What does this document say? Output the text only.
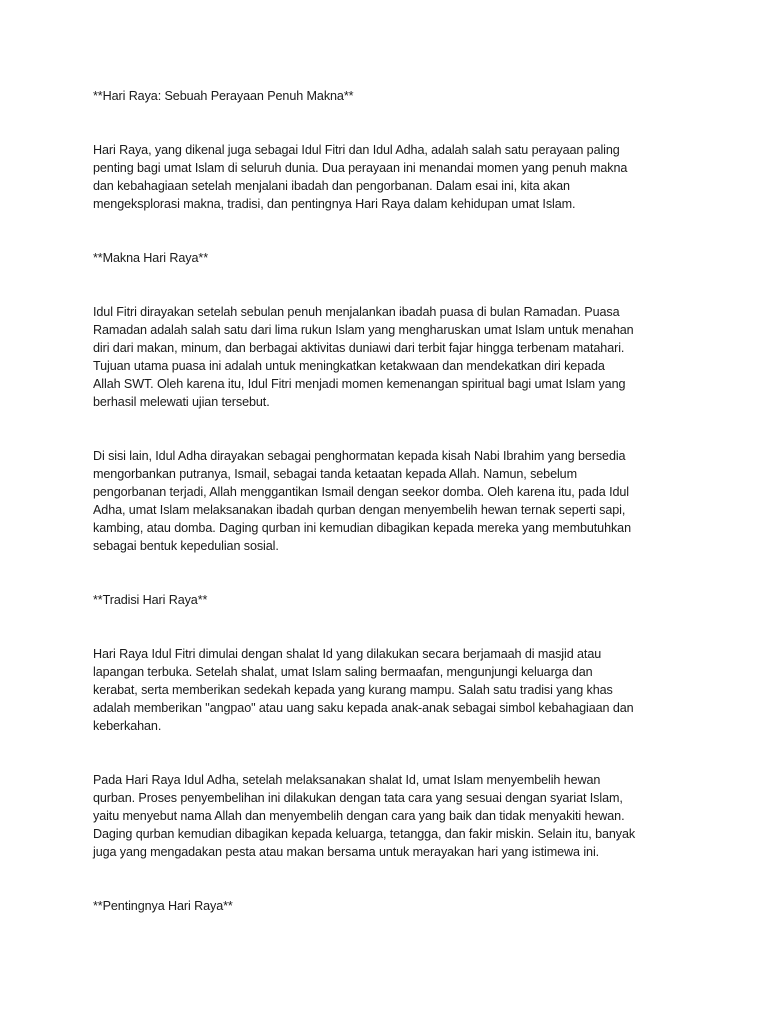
**Hari Raya: Sebuah Perayaan Penuh Makna**

Hari Raya, yang dikenal juga sebagai Idul Fitri dan Idul Adha, adalah salah satu perayaan paling
penting bagi umat Islam di seluruh dunia. Dua perayaan ini menandai momen yang penuh makna
dan kebahagiaan setelah menjalani ibadah dan pengorbanan. Dalam esai ini, kita akan
mengeksplorasi makna, tradisi, dan pentingnya Hari Raya dalam kehidupan umat Islam.

**Makna Hari Raya**

Idul Fitri dirayakan setelah sebulan penuh menjalankan ibadah puasa di bulan Ramadan. Puasa
Ramadan adalah salah satu dari lima rukun Islam yang mengharuskan umat Islam untuk menahan
diri dari makan, minum, dan berbagai aktivitas duniawi dari terbit fajar hingga terbenam matahari.
Tujuan utama puasa ini adalah untuk meningkatkan ketakwaan dan mendekatkan diri kepada
Allah SWT. Oleh karena itu, Idul Fitri menjadi momen kemenangan spiritual bagi umat Islam yang
berhasil melewati ujian tersebut.

Di sisi lain, Idul Adha dirayakan sebagai penghormatan kepada kisah Nabi Ibrahim yang bersedia
mengorbankan putranya, Ismail, sebagai tanda ketaatan kepada Allah. Namun, sebelum
pengorbanan terjadi, Allah menggantikan Ismail dengan seekor domba. Oleh karena itu, pada Idul
Adha, umat Islam melaksanakan ibadah qurban dengan menyembelih hewan ternak seperti sapi,
kambing, atau domba. Daging qurban ini kemudian dibagikan kepada mereka yang membutuhkan
sebagai bentuk kepedulian sosial.

**Tradisi Hari Raya**

Hari Raya Idul Fitri dimulai dengan shalat Id yang dilakukan secara berjamaah di masjid atau
lapangan terbuka. Setelah shalat, umat Islam saling bermaafan, mengunjungi keluarga dan
kerabat, serta memberikan sedekah kepada yang kurang mampu. Salah satu tradisi yang khas
adalah memberikan "angpao" atau uang saku kepada anak-anak sebagai simbol kebahagiaan dan
keberkahan.

Pada Hari Raya Idul Adha, setelah melaksanakan shalat Id, umat Islam menyembelih hewan
qurban. Proses penyembelihan ini dilakukan dengan tata cara yang sesuai dengan syariat Islam,
yaitu menyebut nama Allah dan menyembelih dengan cara yang baik dan tidak menyakiti hewan.
Daging qurban kemudian dibagikan kepada keluarga, tetangga, dan fakir miskin. Selain itu, banyak
juga yang mengadakan pesta atau makan bersama untuk merayakan hari yang istimewa ini.

**Pentingnya Hari Raya**
